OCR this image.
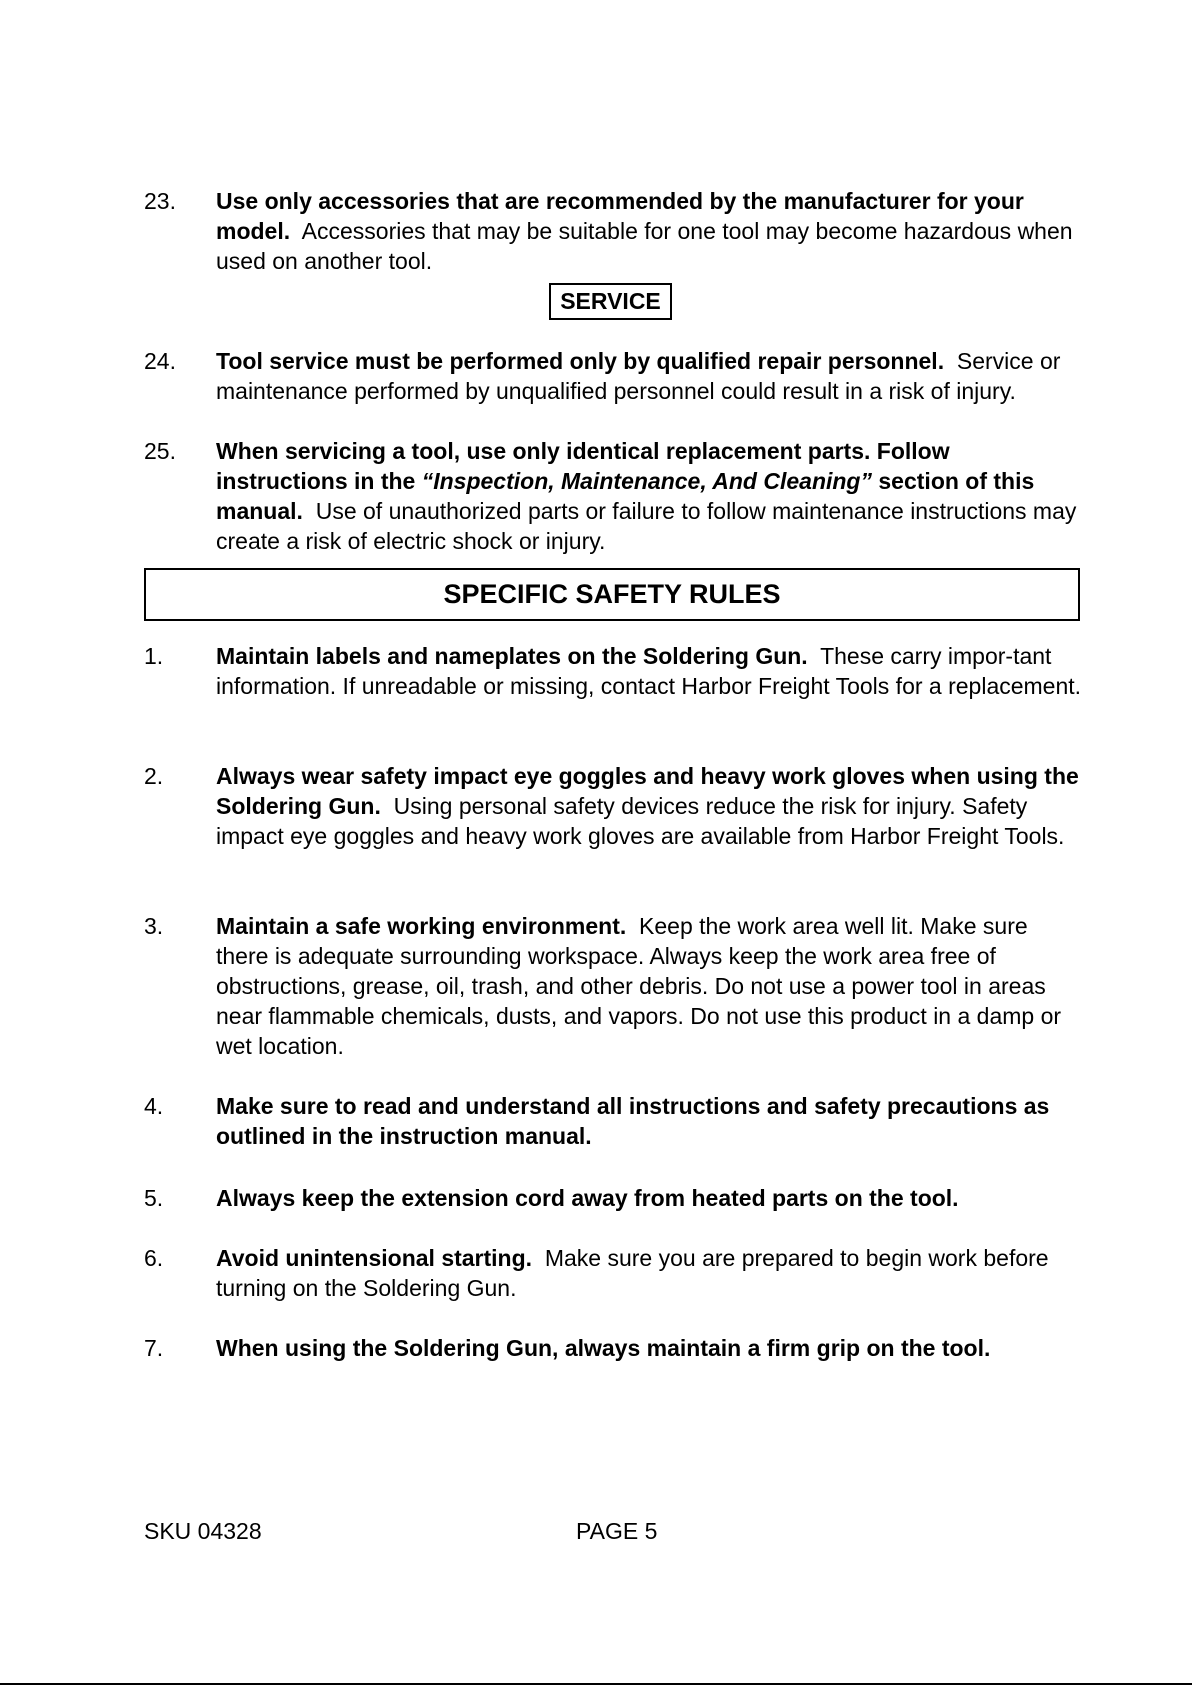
23.	Use only accessories that are recommended by the manufacturer for your model. Accessories that may be suitable for one tool may become hazardous when used on another tool.
SERVICE
24.	Tool service must be performed only by qualified repair personnel. Service or maintenance performed by unqualified personnel could result in a risk of injury.
25.	When servicing a tool, use only identical replacement parts. Follow instructions in the “Inspection, Maintenance, And Cleaning” section of this manual. Use of unauthorized parts or failure to follow maintenance instructions may create a risk of electric shock or injury.
SPECIFIC SAFETY RULES
1.	Maintain labels and nameplates on the Soldering Gun. These carry impor-tant information. If unreadable or missing, contact Harbor Freight Tools for a replacement.
2.	Always wear safety impact eye goggles and heavy work gloves when using the Soldering Gun. Using personal safety devices reduce the risk for injury. Safety impact eye goggles and heavy work gloves are available from Harbor Freight Tools.
3.	Maintain a safe working environment. Keep the work area well lit. Make sure there is adequate surrounding workspace. Always keep the work area free of obstructions, grease, oil, trash, and other debris. Do not use a power tool in areas near flammable chemicals, dusts, and vapors. Do not use this product in a damp or wet location.
4.	Make sure to read and understand all instructions and safety precautions as outlined in the instruction manual.
5.	Always keep the extension cord away from heated parts on the tool.
6.	Avoid unintensional starting. Make sure you are prepared to begin work before turning on the Soldering Gun.
7.	When using the Soldering Gun, always maintain a firm grip on the tool.
SKU 04328	PAGE 5
